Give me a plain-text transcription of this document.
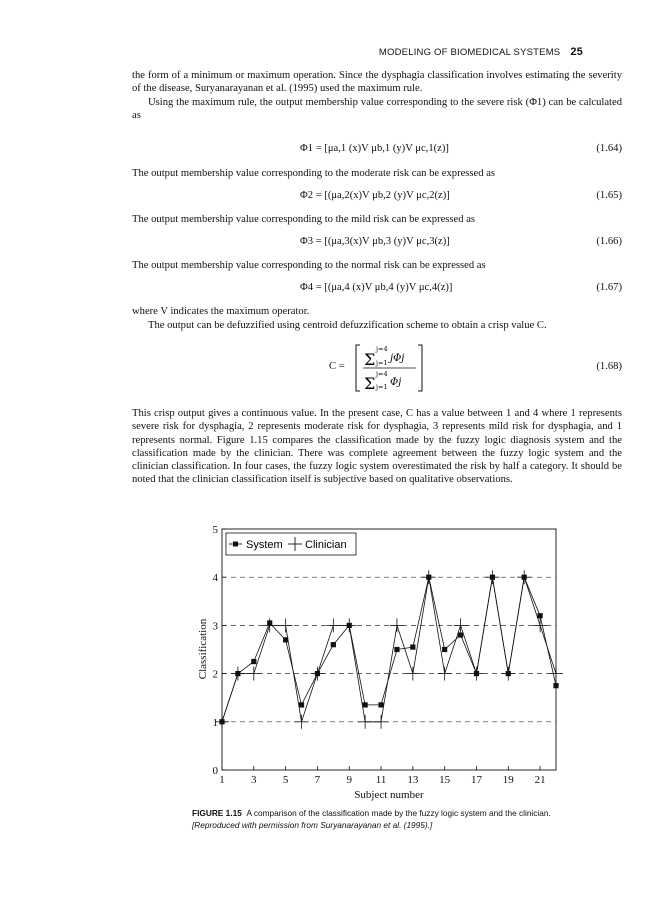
MODELING OF BIOMEDICAL SYSTEMS 25
the form of a minimum or maximum operation. Since the dysphagia classification involves estimating the severity of the disease, Suryanarayanan et al. (1995) used the maximum rule.
Using the maximum rule, the output membership value corresponding to the severe risk (Φ1) can be calculated as
Φ1 = [μa,1 (x)V μb,1 (y)V μc,1(z)]	(1.64)
The output membership value corresponding to the moderate risk can be expressed as
Φ2 = [(μa,2(x)V μb,2 (y)V μc,2(z)]	(1.65)
The output membership value corresponding to the mild risk can be expressed as
Φ3 = [(μa,3(x)V μb,3 (y)V μc,3(z)]	(1.66)
The output membership value corresponding to the normal risk can be expressed as
Φ4 = [(μa,4 (x)V μb,4 (y)V μc,4(z)]	(1.67)
where V indicates the maximum operator.
The output can be defuzzified using centroid defuzzification scheme to obtain a crisp value C.
C = Σ
j=4
j=1 jΦj
Σ j=4
j=1 Φj
(1.68)
This crisp output gives a continuous value. In the present case, C has a value between 1 and 4 where 1 represents severe risk for dysphagia, 2 represents moderate risk for dysphagia, 3 represents mild risk for dysphagia, and 1 represents normal. Figure 1.15 compares the classification made by the fuzzy logic diagnosis system and the classification made by the clinician. There was complete agreement between the fuzzy logic system and the clinician classification. In four cases, the fuzzy logic system overestimated the risk by half a category. It should be noted that the clinician classification itself is subjective based on qualitative observations.
0
1
2
3
4
5
1 3 5 7 9 11 13 15 17 19 21
System Clinician
Subject number
Classification
FIGURE 1.15 A comparison of the classification made by the fuzzy logic system and the clinician. [Reproduced with permission from Suryanarayanan et al. (1995).]
